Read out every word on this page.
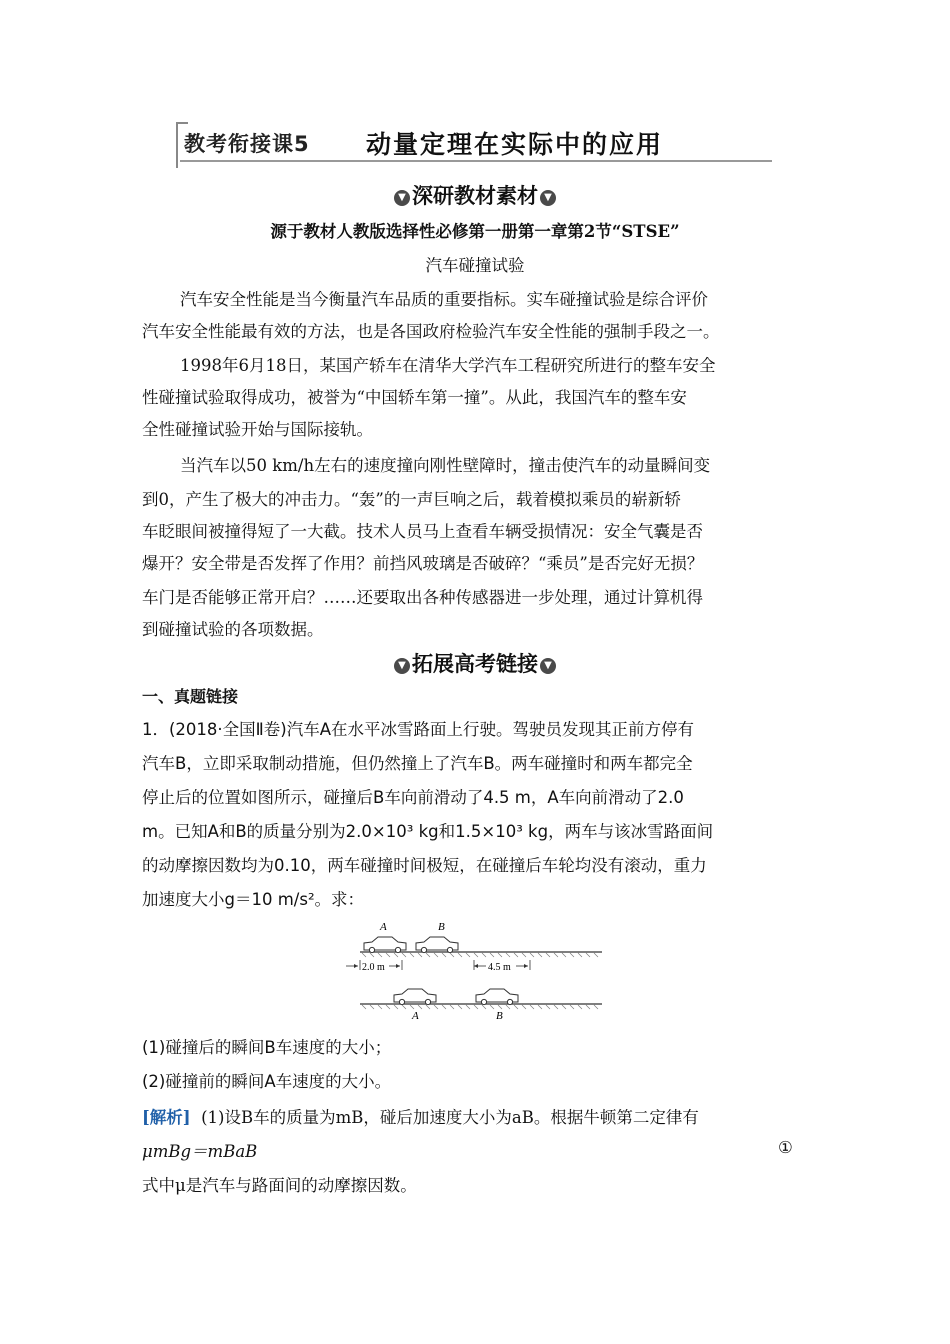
教考衔接课5 动量定理在实际中的应用
▼ 深研教材素材 ▼
源于教材人教版选择性必修第一册第一章第2节“STSE”
汽车碰撞试验
汽车安全性能是当今衡量汽车品质的重要指标。实车碰撞试验是综合评价
汽车安全性能最有效的方法，也是各国政府检验汽车安全性能的强制手段之一。
1998年6月18日，某国产轿车在清华大学汽车工程研究所进行的整车安全
性碰撞试验取得成功，被誉为“中国轿车第一撞”。从此，我国汽车的整车安
全性碰撞试验开始与国际接轨。
当汽车以50 km/h左右的速度撞向刚性壁障时，撞击使汽车的动量瞬间变
到0，产生了极大的冲击力。“轰”的一声巨响之后，载着模拟乘员的崭新轿
车眨眼间被撞得短了一大截。技术人员马上查看车辆受损情况：安全气囊是否
爆开？安全带是否发挥了作用？前挡风玻璃是否破碎？“乘员”是否完好无损？
车门是否能够正常开启？……还要取出各种传感器进一步处理，通过计算机得
到碰撞试验的各项数据。
▼ 拓展高考链接 ▼
一、真题链接
1．(2018·全国Ⅱ卷)汽车A在水平冰雪路面上行驶。驾驶员发现其正前方停有
汽车B，立即采取制动措施，但仍然撞上了汽车B。两车碰撞时和两车都完全
停止后的位置如图所示，碰撞后B车向前滑动了4.5 m，A车向前滑动了2.0
m。已知A和B的质量分别为2.0×10³ kg和1.5×10³ kg，两车与该冰雪路面间
的动摩擦因数均为0.10，两车碰撞时间极短，在碰撞后车轮均没有滚动，重力
加速度大小g＝10 m/s²。求：
A	B
2.0 m	4.5 m
A	B
(1)碰撞后的瞬间B车速度的大小；
(2)碰撞前的瞬间A车速度的大小。
[解析] (1)设B车的质量为mB，碰后加速度大小为aB。根据牛顿第二定律有
μmBg＝mBaB	①
式中μ是汽车与路面间的动摩擦因数。
